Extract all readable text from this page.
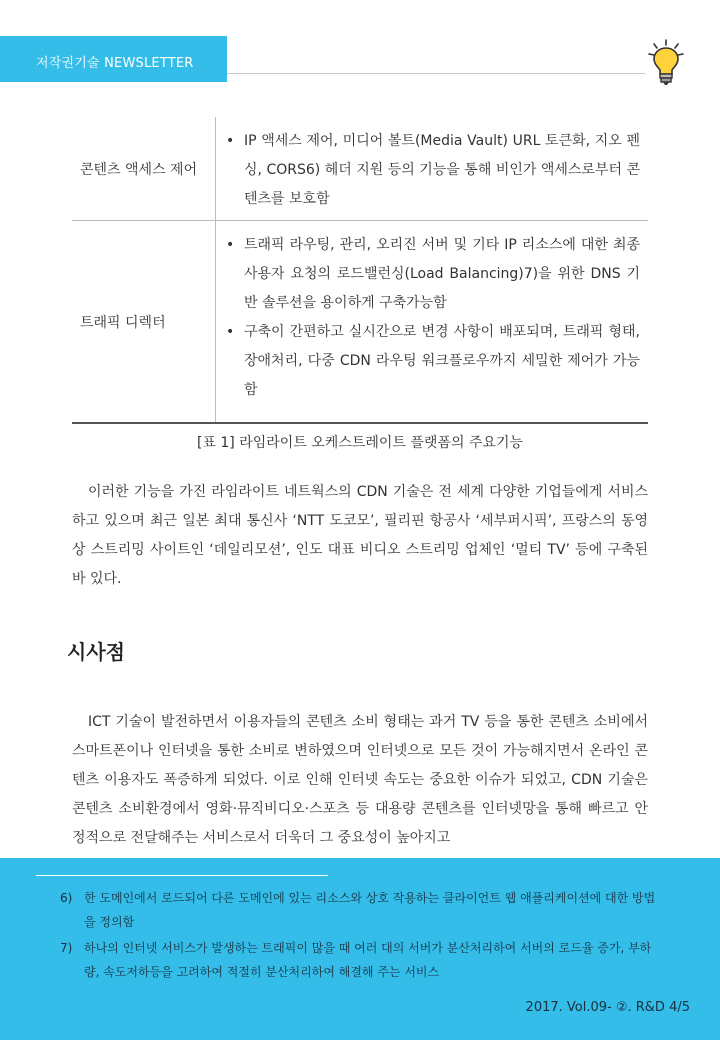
저작권기술 NEWSLETTER
콘텐츠 액세스 제어
• IP 액세스 제어, 미디어 볼트(Media Vault) URL 토큰화, 지오 펜싱, CORS6) 헤더 지원 등의 기능을 통해 비인가 액세스로부터 콘텐츠를 보호함
트래픽 디렉터
• 트래픽 라우팅, 관리, 오리진 서버 및 기타 IP 리소스에 대한 최종 사용자 요청의 로드밸런싱(Load Balancing)7)을 위한 DNS 기반 솔루션을 용이하게 구축가능함
• 구축이 간편하고 실시간으로 변경 사항이 배포되며, 트래픽 형태,장애처리, 다중 CDN 라우팅 워크플로우까지 세밀한 제어가 가능함
[표 1] 라임라이트 오케스트레이트 플랫폼의 주요기능
이러한 기능을 가진 라임라이트 네트웍스의 CDN 기술은 전 세계 다양한 기업들에게 서비스하고 있으며 최근 일본 최대 통신사 ‘NTT 도코모’, 필리핀 항공사 ‘세부퍼시픽’, 프랑스의 동영상 스트리밍 사이트인 ‘데일리모션’, 인도 대표 비디오 스트리밍 업체인 ‘멀티 TV’ 등에 구축된 바 있다.
시사점
ICT 기술이 발전하면서 이용자들의 콘텐츠 소비 형태는 과거 TV 등을 통한 콘텐츠 소비에서 스마트폰이나 인터넷을 통한 소비로 변하였으며 인터넷으로 모든 것이 가능해지면서 온라인 콘텐츠 이용자도 폭증하게 되었다. 이로 인해 인터넷 속도는 중요한 이슈가 되었고, CDN 기술은 콘텐츠 소비환경에서 영화·뮤직비디오·스포츠 등 대용량 콘텐츠를 인터넷망을 통해 빠르고 안정적으로 전달해주는 서비스로서 더욱더 그 중요성이 높아지고
6) 한 도메인에서 로드되어 다른 도메인에 있는 리소스와 상호 작용하는 클라이언트 웹 애플리케이션에 대한 방법을 정의함
7) 하나의 인터넷 서비스가 발생하는 트래픽이 많을 때 여러 대의 서버가 분산처리하여 서버의 로드율 증가, 부하량, 속도저하등을 고려하여 적절히 분산처리하여 해결해 주는 서비스
2017. Vol.09- ②. R&D 4/5
